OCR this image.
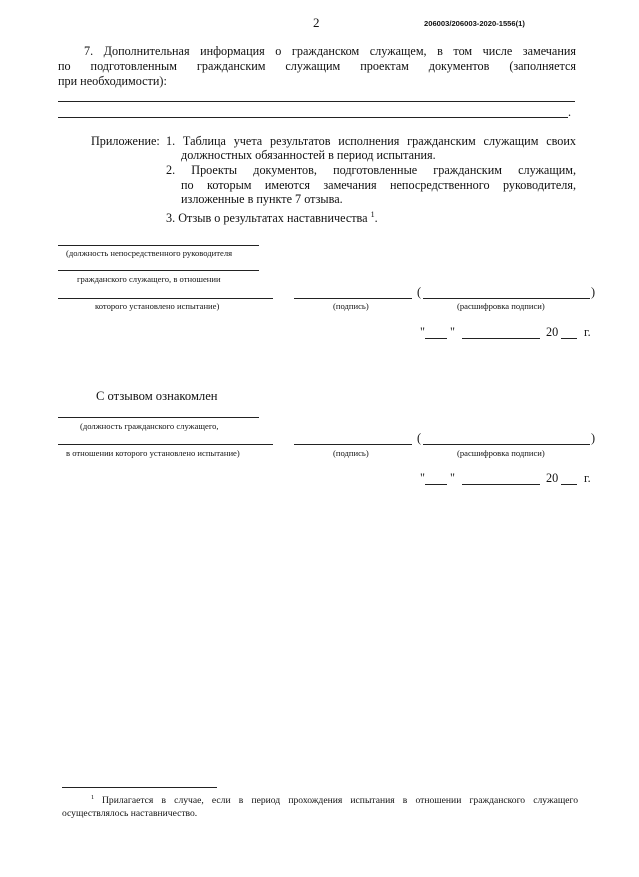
2	206003/206003-2020-1556(1)
7. Дополнительная информация о гражданском служащем, в том числе замечания
по подготовленным гражданским служащим проектам документов (заполняется
при необходимости):
.
Приложение: 1. Таблица учета результатов исполнения гражданским служащим своих
должностных обязанностей в период испытания.
2. Проекты документов, подготовленные гражданским служащим,
по которым имеются замечания непосредственного руководителя,
изложенные в пункте 7 отзыва.
3. Отзыв о результатах наставничества $^1$.
(должность непосредственного руководителя
гражданского служащего, в отношении
которого установлено испытание)	(подпись)
(	)
(расшифровка подписи)
" "	20 г.
С отзывом ознакомлен
(должность гражданского служащего,
в отношении которого установлено испытание)	(подпись)
(	)
(расшифровка подписи)
" "	20 г.
1 Прилагается в случае, если в период прохождения испытания в отношении гражданского служащего
осуществлялось наставничество.
